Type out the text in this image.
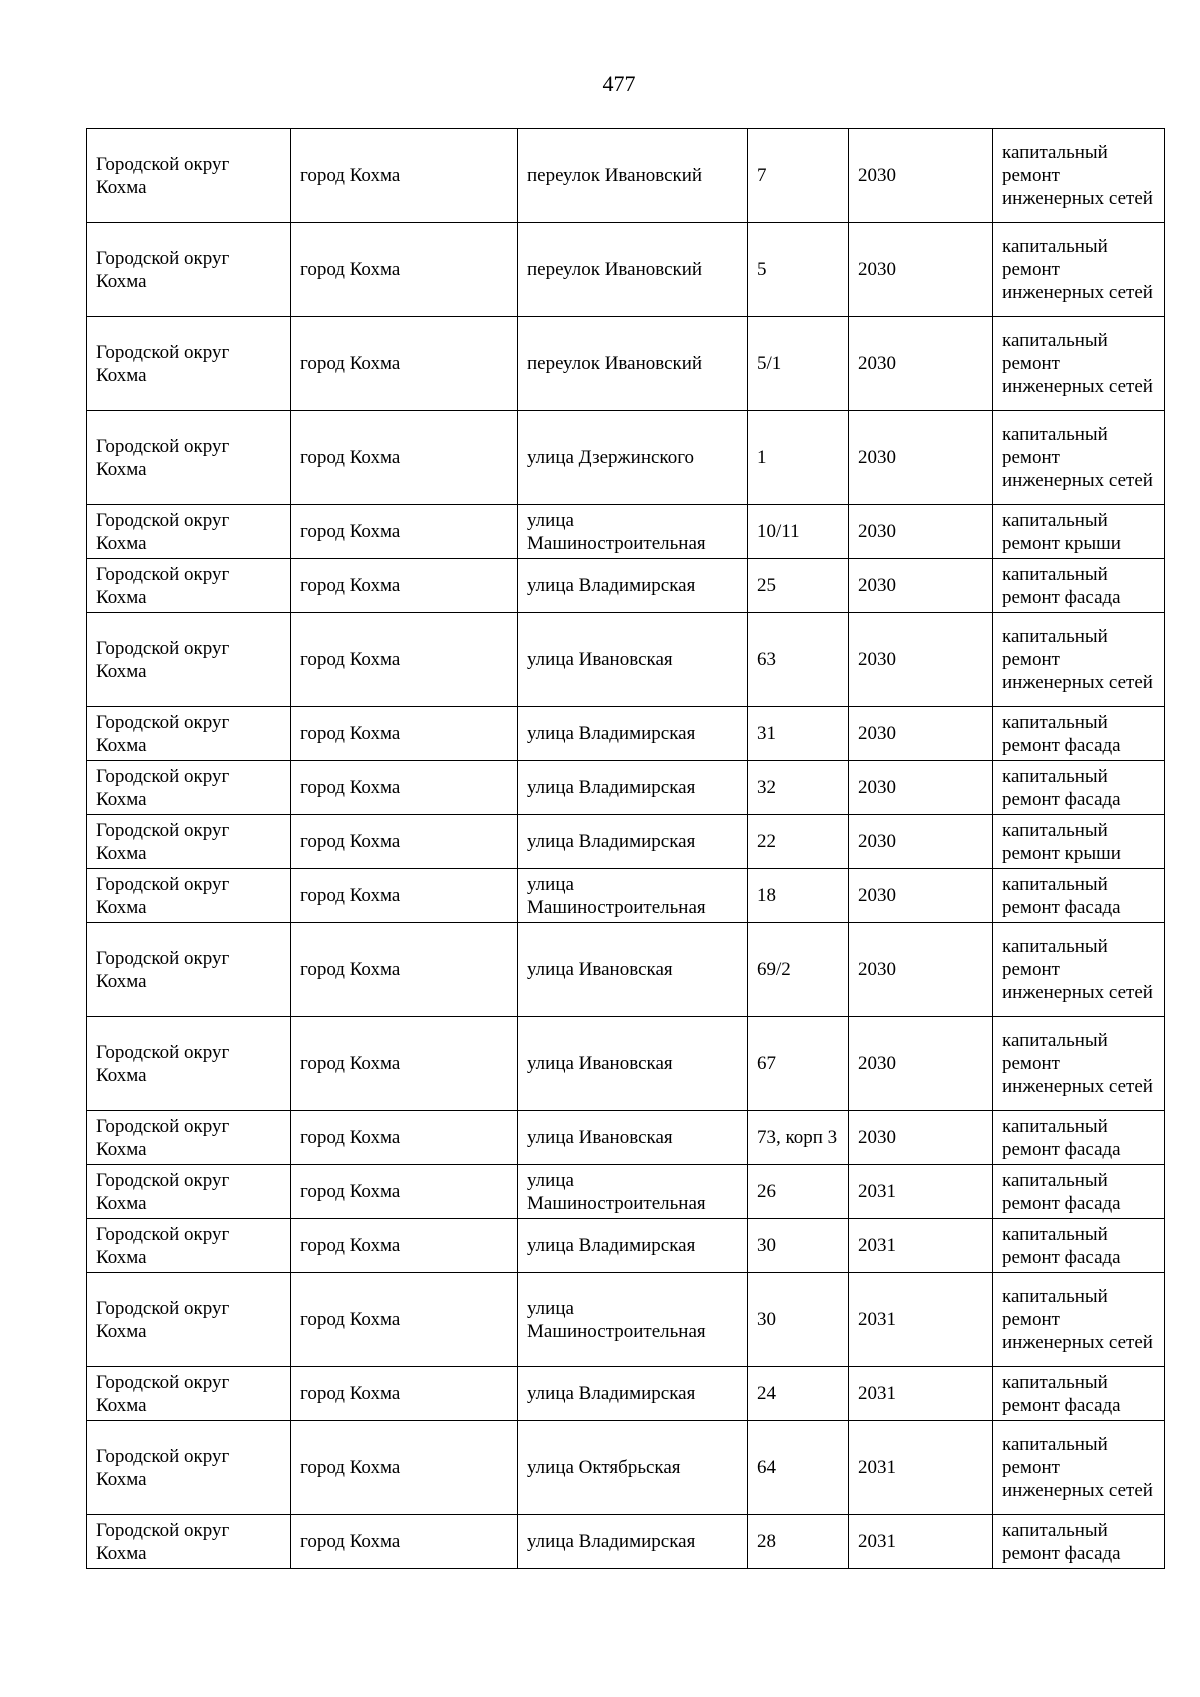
477
Городской округ Кохма	город Кохма	переулок Ивановский	7	2030	капитальный ремонт инженерных сетей
Городской округ Кохма	город Кохма	переулок Ивановский	5	2030	капитальный ремонт инженерных сетей
Городской округ Кохма	город Кохма	переулок Ивановский	5/1	2030	капитальный ремонт инженерных сетей
Городской округ Кохма	город Кохма	улица Дзержинского	1	2030	капитальный ремонт инженерных сетей
Городской округ Кохма	город Кохма	улица Машиностроительная	10/11	2030	капитальный ремонт крыши
Городской округ Кохма	город Кохма	улица Владимирская	25	2030	капитальный ремонт фасада
Городской округ Кохма	город Кохма	улица Ивановская	63	2030	капитальный ремонт инженерных сетей
Городской округ Кохма	город Кохма	улица Владимирская	31	2030	капитальный ремонт фасада
Городской округ Кохма	город Кохма	улица Владимирская	32	2030	капитальный ремонт фасада
Городской округ Кохма	город Кохма	улица Владимирская	22	2030	капитальный ремонт крыши
Городской округ Кохма	город Кохма	улица Машиностроительная	18	2030	капитальный ремонт фасада
Городской округ Кохма	город Кохма	улица Ивановская	69/2	2030	капитальный ремонт инженерных сетей
Городской округ Кохма	город Кохма	улица Ивановская	67	2030	капитальный ремонт инженерных сетей
Городской округ Кохма	город Кохма	улица Ивановская	73, корп 3	2030	капитальный ремонт фасада
Городской округ Кохма	город Кохма	улица Машиностроительная	26	2031	капитальный ремонт фасада
Городской округ Кохма	город Кохма	улица Владимирская	30	2031	капитальный ремонт фасада
Городской округ Кохма	город Кохма	улица Машиностроительная	30	2031	капитальный ремонт инженерных сетей
Городской округ Кохма	город Кохма	улица Владимирская	24	2031	капитальный ремонт фасада
Городской округ Кохма	город Кохма	улица Октябрьская	64	2031	капитальный ремонт инженерных сетей
Городской округ Кохма	город Кохма	улица Владимирская	28	2031	капитальный ремонт фасада
